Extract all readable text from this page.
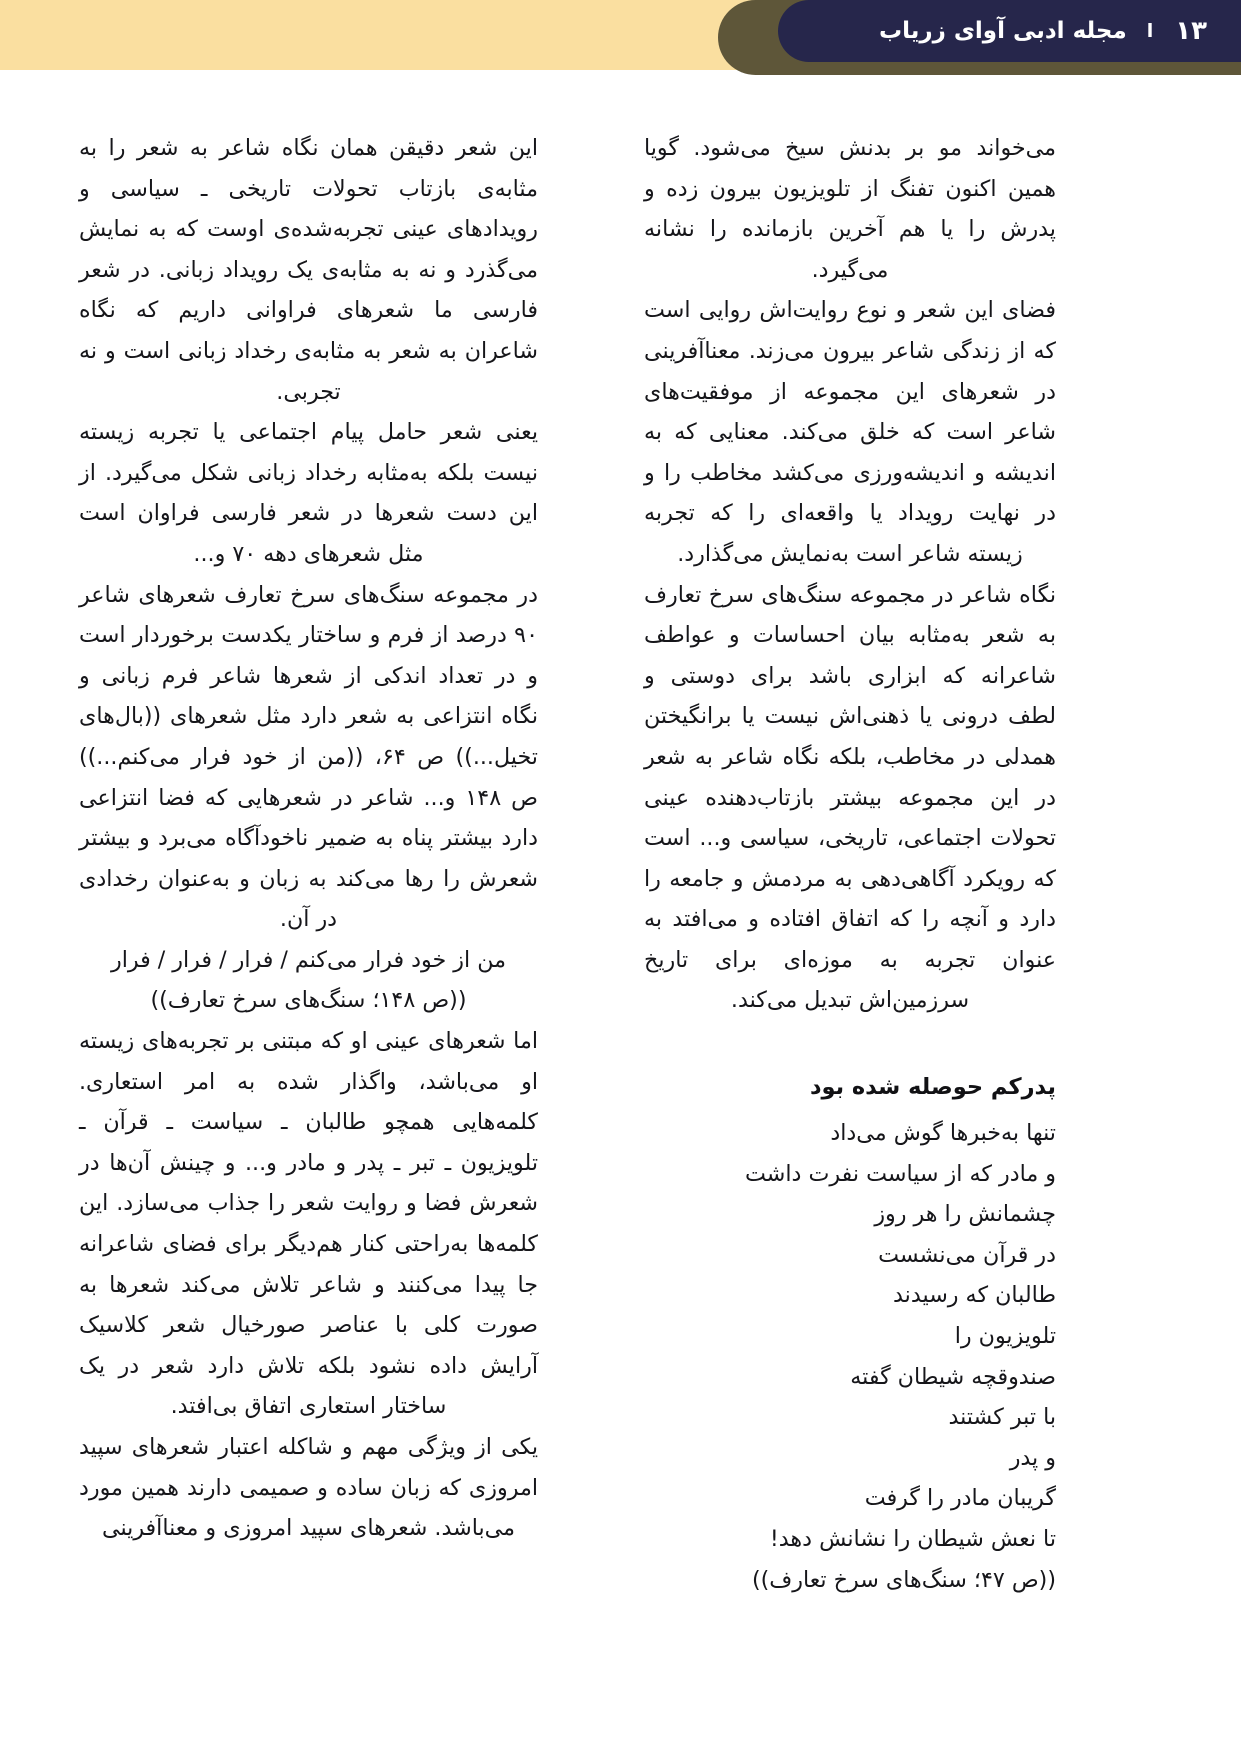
۱۳
l
مجله ادبی آوای زریاب

می‌خواند مو بر بدنش سیخ می‌شود. گویا همین اکنون تفنگ از تلویزیون بیرون زده و پدرش را یا هم آخرین بازمانده را نشانه می‌گیرد.

فضای این شعر و نوع روایت‌اش روایی است که از زندگی شاعر بیرون می‌زند. معناآفرینی در شعرهای این مجموعه از موفقیت‌های شاعر است که خلق می‌کند. معنایی که به اندیشه و اندیشه‌ورزی می‌کشد مخاطب را و در نهایت رویداد یا واقعه‌ای را که تجربه زیسته شاعر است به‌نمایش می‌گذارد.

نگاه شاعر در مجموعه سنگ‌های سرخ تعارف به شعر به‌مثابه بیان احساسات و عواطف شاعرانه که ابزاری باشد برای دوستی و لطف درونی یا ذهنی‌اش نیست یا برانگیختن همدلی در مخاطب، بلکه نگاه شاعر به شعر در این مجموعه بیشتر بازتاب‌دهنده عینی تحولات اجتماعی، تاریخی، سیاسی و... است که رویکرد آگاهی‌دهی به مردمش و جامعه را دارد و آنچه را که اتفاق افتاده و می‌افتد به عنوان تجربه به موزه‌ای برای تاریخ سرزمین‌اش تبدیل می‌کند.

پدرکم حوصله شده بود
تنها به‌خبرها گوش می‌داد
و مادر که از سیاست نفرت داشت
چشمانش را هر روز
در قرآن می‌نشست
طالبان که رسیدند
تلویزیون را
صندوقچه شیطان گفته
با تبر کشتند
و پدر
گریبان مادر را گرفت
تا نعش شیطان را نشانش دهد!
((ص ۴۷؛ سنگ‌های سرخ تعارف))

این شعر دقیقن همان نگاه شاعر به شعر را به مثابه‌ی بازتاب تحولات تاریخی ـ سیاسی و رویدادهای عینی تجربه‌شده‌ی اوست که به نمایش می‌گذرد و نه به مثابه‌ی یک رویداد زبانی. در شعر فارسی ما شعرهای فراوانی داریم که نگاه شاعران به شعر به مثابه‌ی رخداد زبانی است و نه تجربی.

یعنی شعر حامل پیام اجتماعی یا تجربه زیسته نیست بلکه به‌مثابه رخداد زبانی شکل می‌گیرد. از این دست شعرها در شعر فارسی فراوان است مثل شعرهای دهه ۷۰ و...

در مجموعه سنگ‌های سرخ تعارف شعرهای شاعر ۹۰ درصد از فرم و ساختار یکدست برخوردار است و در تعداد اندکی از شعرها شاعر فرم زبانی و نگاه انتزاعی به شعر دارد مثل شعرهای ((بال‌های تخیل...)) ص ۶۴، ((من از خود فرار می‌کنم...)) ص ۱۴۸ و... شاعر در شعرهایی که فضا انتزاعی دارد بیشتر پناه به ضمیر ناخودآگاه می‌برد و بیشتر شعرش را رها می‌کند به زبان و به‌عنوان رخدادی در آن.

من از خود فرار می‌کنم / فرار / فرار / فرار

((ص ۱۴۸؛ سنگ‌های سرخ تعارف))

اما شعرهای عینی او که مبتنی بر تجربه‌های زیسته او می‌باشد، واگذار شده به امر استعاری. کلمه‌هایی همچو طالبان ـ سیاست ـ قرآن ـ تلویزیون ـ تبر ـ پدر و مادر و... و چینش آن‌ها در شعرش فضا و روایت شعر را جذاب می‌سازد. این کلمه‌ها به‌راحتی کنار هم‌دیگر برای فضای شاعرانه جا پیدا می‌کنند و شاعر تلاش می‌کند شعرها به صورت کلی با عناصر صورخیال شعر کلاسیک آرایش داده نشود بلکه تلاش دارد شعر در یک ساختار استعاری اتفاق بی‌افتد.

یکی از ویژگی مهم و شاکله اعتبار شعرهای سپید امروزی که زبان ساده و صمیمی دارند همین مورد می‌باشد. شعرهای سپید امروزی و معناآفرینی
